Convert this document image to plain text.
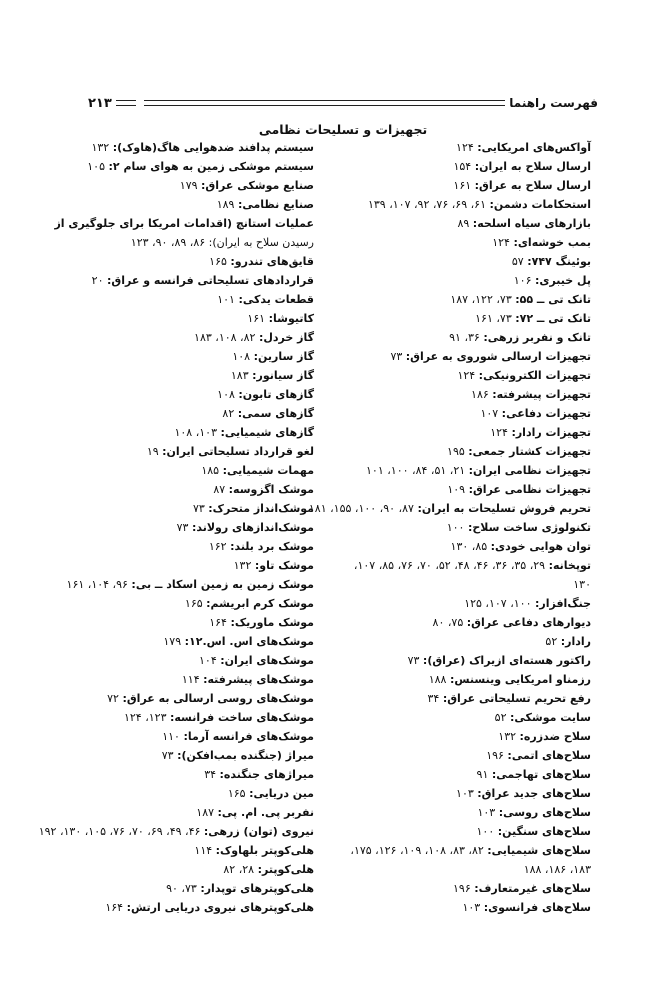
فهرست راهنما
۲۱۳
تجهیزات و تسلیحات نظامی
آواکس‌های امریکایی: ۱۲۴
ارسال سلاح به ایران: ۱۵۴
ارسال سلاح به عراق: ۱۶۱
استحکامات دشمن: ۶۱، ۶۹، ۷۶، ۹۲، ۱۰۷، ۱۳۹
بازارهای سیاه اسلحه: ۸۹
بمب خوشه‌ای: ۱۲۴
بوئینگ ۷۴۷: ۵۷
پل خیبری: ۱۰۶
تانک تی ــ ۵۵: ۷۳، ۱۲۲، ۱۸۷
تانک تی ــ ۷۲: ۷۳، ۱۶۱
تانک و نفربر زرهی: ۳۶، ۹۱
تجهیزات ارسالی شوروی به عراق: ۷۳
تجهیزات الکترونیکی: ۱۲۴
تجهیزات پیشرفته: ۱۸۶
تجهیزات دفاعی: ۱۰۷
تجهیزات رادار: ۱۲۴
تجهیزات کشتار جمعی: ۱۹۵
تجهیزات نظامی ایران: ۲۱، ۵۱، ۸۴، ۱۰۰، ۱۰۱
تجهیزات نظامی عراق: ۱۰۹
تحریم فروش تسلیحات به ایران: ۸۷، ۹۰، ۱۰۰، ۱۵۵، ۱۸۱
تکنولوژی ساخت سلاح: ۱۰۰
توان هوایی خودی: ۸۵، ۱۳۰
توپخانه: ۲۹، ۳۵، ۳۶، ۴۶، ۴۸، ۵۲، ۷۰، ۷۶، ۸۵، ۱۰۷،
۱۳۰
جنگ‌افزار: ۱۰۰، ۱۰۷، ۱۲۵
دیوارهای دفاعی عراق: ۷۵، ۸۰
رادار: ۵۲
راکتور هسته‌ای ازیراک (عراق): ۷۳
رزمناو امریکایی وینسنس: ۱۸۸
رفع تحریم تسلیحاتی عراق: ۳۴
سایت موشکی: ۵۲
سلاح ضدزره: ۱۳۲
سلاح‌های اتمی: ۱۹۶
سلاح‌های تهاجمی: ۹۱
سلاح‌های جدید عراق: ۱۰۳
سلاح‌های روسی: ۱۰۳
سلاح‌های سنگین: ۱۰۰
سلاح‌های شیمیایی: ۸۲، ۸۳، ۱۰۸، ۱۰۹، ۱۲۶، ۱۷۵،
۱۸۳، ۱۸۶، ۱۸۸
سلاح‌های غیرمتعارف: ۱۹۶
سلاح‌های فرانسوی: ۱۰۳
سیستم پدافند ضدهوایی هاگ(هاوک): ۱۳۲
سیستم موشکی زمین به هوای سام ۲: ۱۰۵
صنایع موشکی عراق: ۱۷۹
صنایع نظامی: ۱۸۹
عملیات استانچ (اقدامات امریکا برای جلوگیری از
رسیدن سلاح به ایران): ۸۶، ۸۹، ۹۰، ۱۲۳
قایق‌های تندرو: ۱۶۵
قراردادهای تسلیحاتی فرانسه و عراق: ۲۰
قطعات یدکی: ۱۰۱
کاتیوشا: ۱۶۱
گاز خردل: ۸۲، ۱۰۸، ۱۸۳
گاز سارین: ۱۰۸
گاز سیانور: ۱۸۳
گازهای تابون: ۱۰۸
گازهای سمی: ۸۲
گازهای شیمیایی: ۱۰۳، ۱۰۸
لغو قرارداد تسلیحاتی ایران: ۱۹
مهمات شیمیایی: ۱۸۵
موشک اگزوسه: ۸۷
موشک‌انداز متحرک: ۷۳
موشک‌اندازهای رولاند: ۷۳
موشک برد بلند: ۱۶۲
موشک تاو: ۱۳۲
موشک زمین به زمین اسکاد ــ بی: ۹۶، ۱۰۴، ۱۶۱
موشک کرم ابریشم: ۱۶۵
موشک ماوریک: ۱۶۴
موشک‌های اس. اس.۱۲: ۱۷۹
موشک‌های ایران: ۱۰۴
موشک‌های پیشرفته: ۱۱۴
موشک‌های روسی ارسالی به عراق: ۷۲
موشک‌های ساخت فرانسه: ۱۲۳، ۱۲۴
موشک‌های فرانسه آرما: ۱۱۰
میراژ (جنگنده بمب‌افکن): ۷۳
میراژهای جنگنده: ۳۴
مین دریایی: ۱۶۵
نفربر پی. ام. پی: ۱۸۷
نیروی (توان) زرهی: ۴۶، ۴۹، ۶۹، ۷۰، ۷۶، ۱۰۵، ۱۳۰، ۱۹۲
هلی‌کوپتر بلهاوک: ۱۱۴
هلی‌کوپتر: ۲۸، ۸۲
هلی‌کوپترهای توپدار: ۷۳، ۹۰
هلی‌کوپترهای نیروی دریایی ارتش: ۱۶۴
